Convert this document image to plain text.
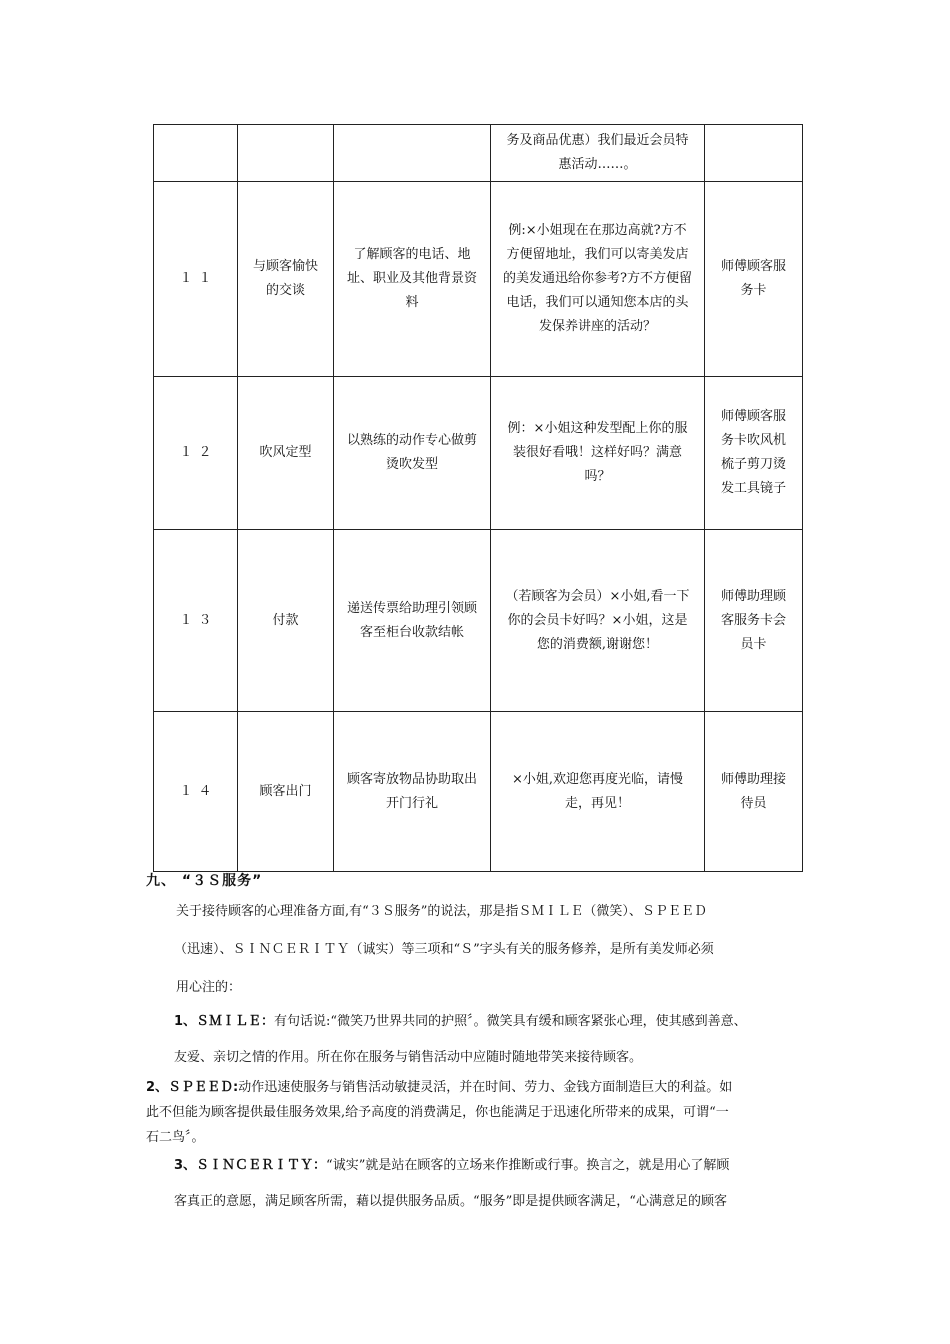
			务及商品优惠）我们最近会员特惠活动……。	
１１	与顾客愉快的交谈	了解顾客的电话、地址、职业及其他背景资料	例:×小姐现在在那边高就?方不方便留地址，我们可以寄美发店的美发通迅给你参考?方不方便留电话，我们可以通知您本店的头发保养讲座的活动？	师傅顾客服务卡
１２	吹风定型	以熟练的动作专心做剪烫吹发型	例：×小姐这种发型配上你的服装很好看哦！这样好吗？满意吗？	师傅顾客服务卡吹风机梳子剪刀烫发工具镜子
１３	付款	递送传票给助理引领顾客至柜台收款结帐	（若顾客为会员）×小姐,看一下你的会员卡好吗？×小姐，这是您的消费额,谢谢您！	师傅助理顾客服务卡会员卡
１４	顾客出门	顾客寄放物品协助取出开门行礼	×小姐,欢迎您再度光临，请慢走，再见！	师傅助理接待员
九、 “３Ｓ服务”

关于接待顾客的心理准备方面,有“３Ｓ服务”的说法，那是指ＳＭＩＬＥ（微笑）、ＳＰＥＥＤ

（迅速）、ＳＩＮＣＥＲＩＴＹ（诚实）等三项和“Ｓ”字头有关的服务修养，是所有美发师必须

用心注的：

1、ＳＭＩＬＥ：有句话说:“微笑乃世界共同的护照〞。微笑具有缓和顾客紧张心理，使其感到善意、

友爱、亲切之情的作用。所在你在服务与销售活动中应随时随地带笑来接待顾客。

2、ＳＰＥＥＤ:动作迅速使服务与销售活动敏捷灵活，并在时间、劳力、金钱方面制造巨大的利益。如

此不但能为顾客提供最佳服务效果,给予高度的消费满足，你也能满足于迅速化所带来的成果，可谓“一

石二鸟〞。

3、ＳＩＮＣＥＲＩＴＹ：“诚实”就是站在顾客的立场来作推断或行事。换言之，就是用心了解顾

客真正的意愿，满足顾客所需，藉以提供服务品质。“服务”即是提供顾客满足，“心满意足的顾客
